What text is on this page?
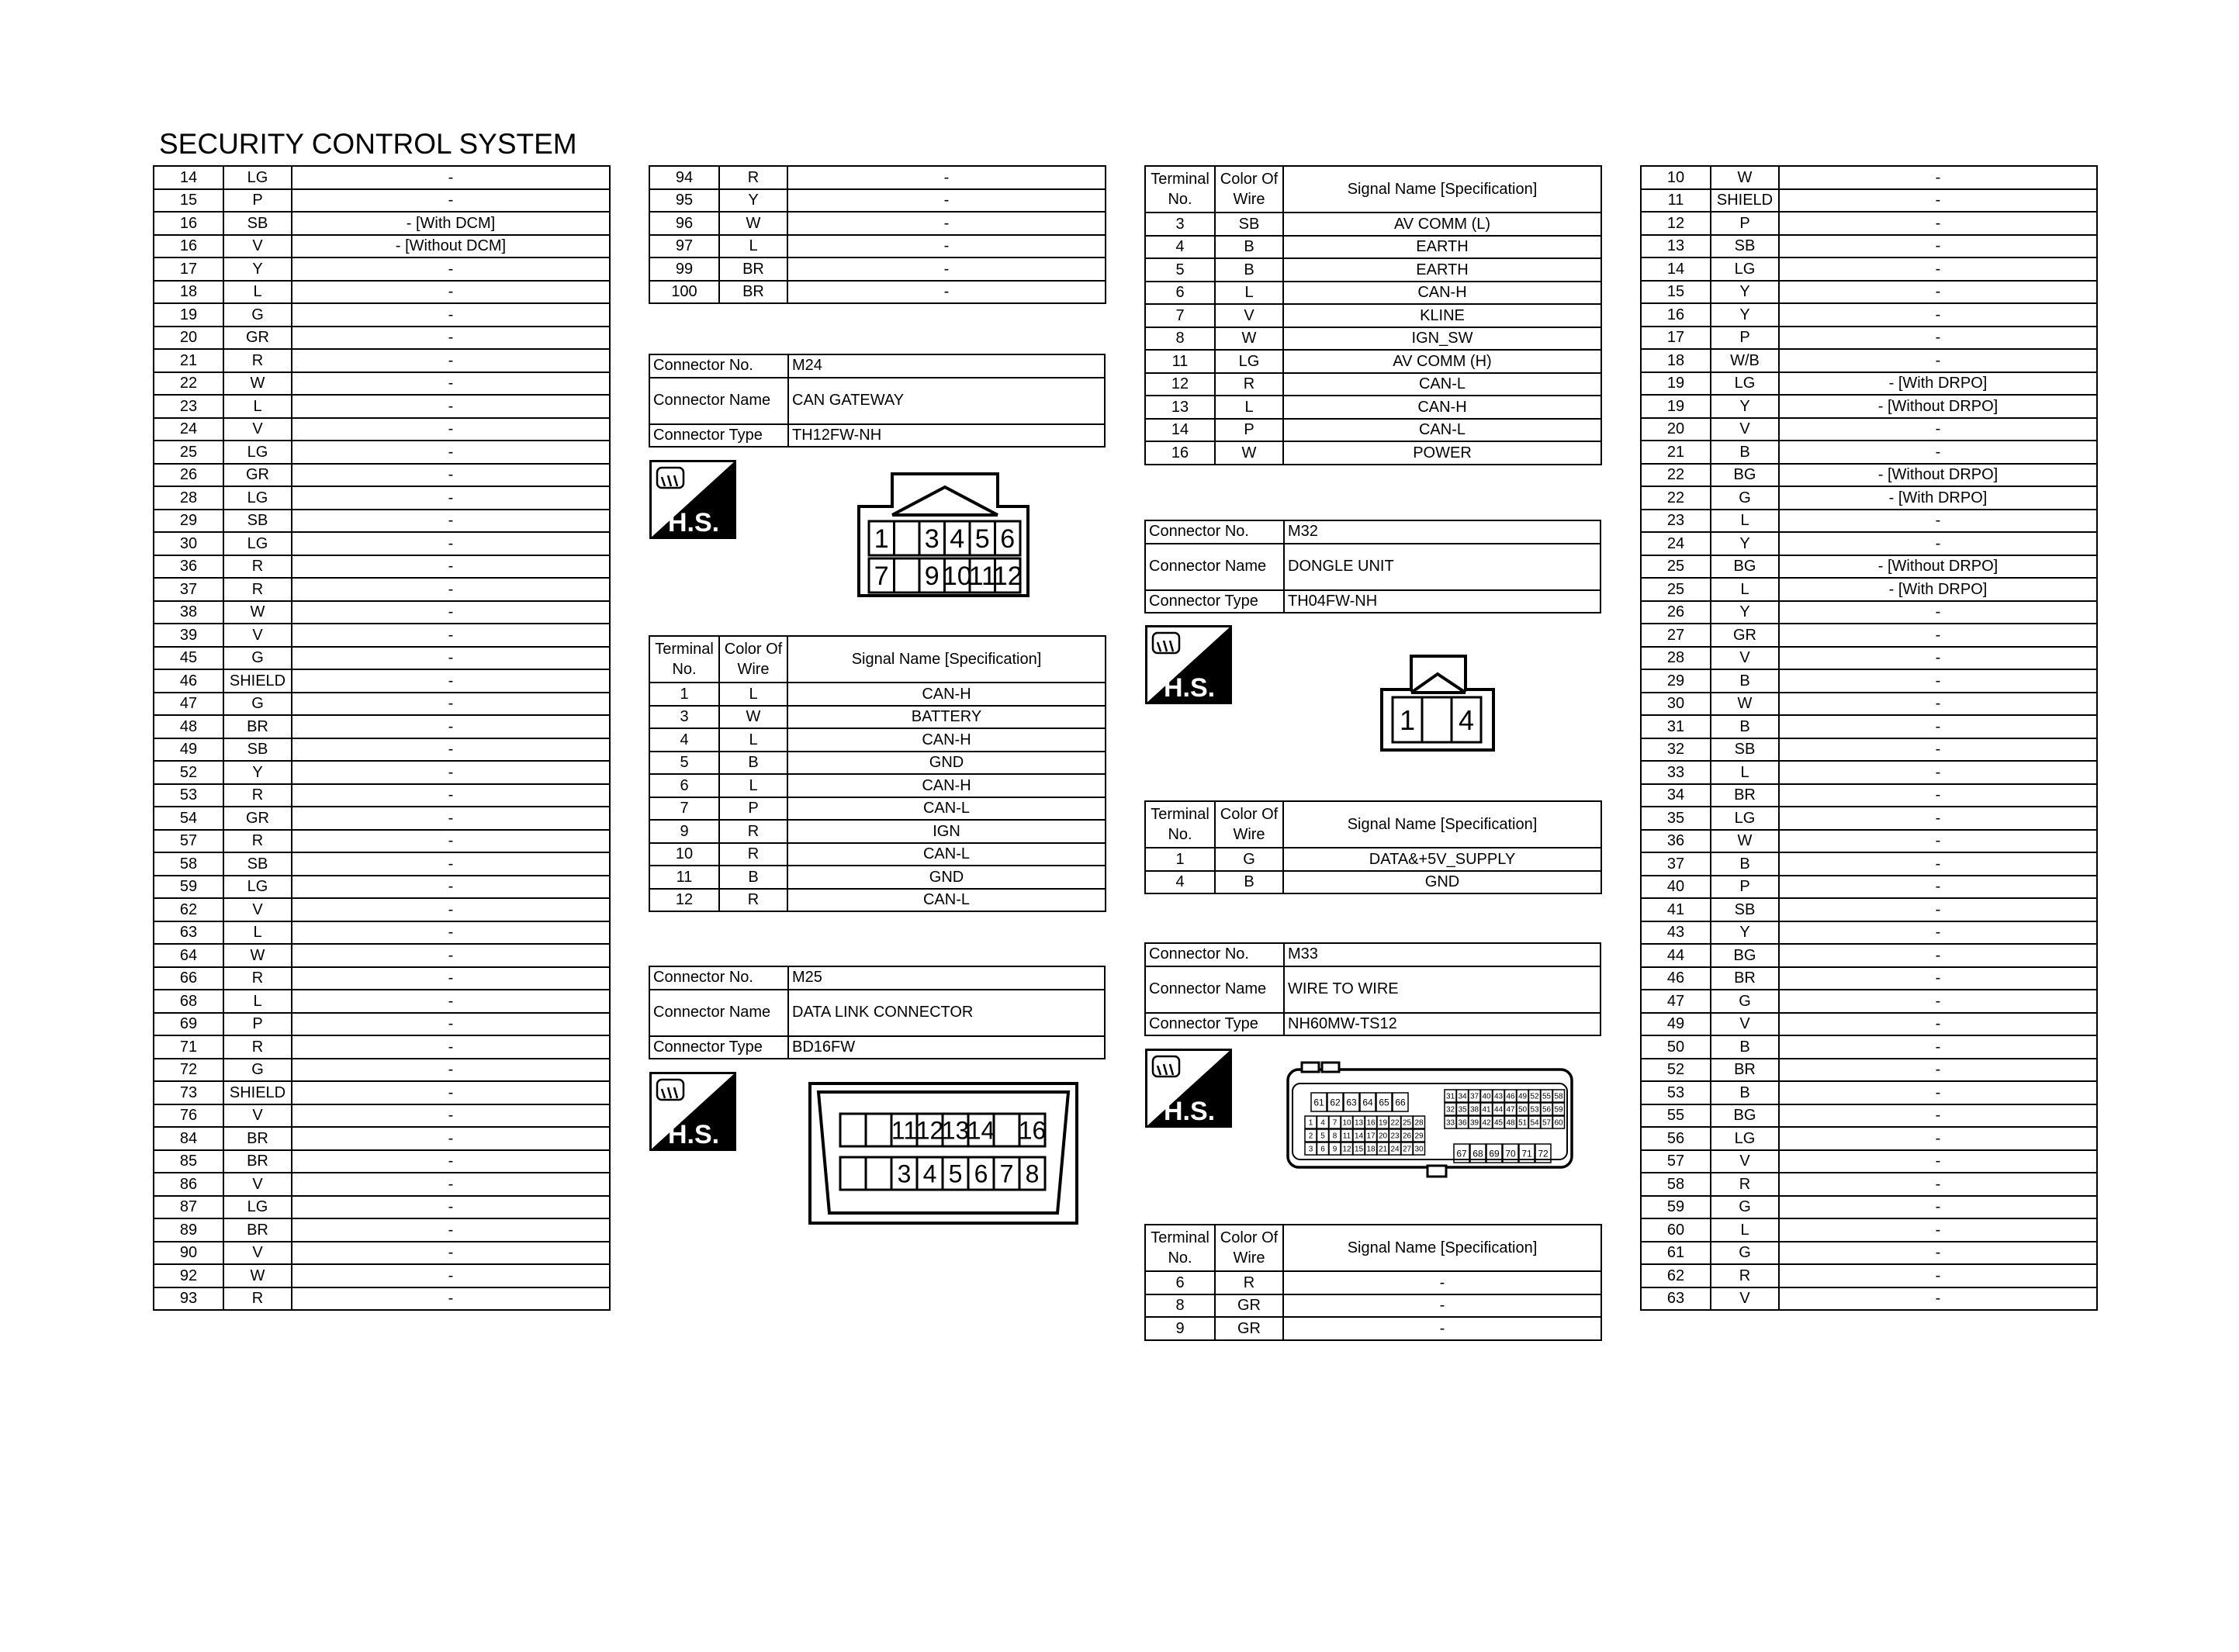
SECURITY CONTROL SYSTEM
14	LG	-
15	P	-
16	SB	- [With DCM]
16	V	- [Without DCM]
17	Y	-
18	L	-
19	G	-
20	GR	-
21	R	-
22	W	-
23	L	-
24	V	-
25	LG	-
26	GR	-
28	LG	-
29	SB	-
30	LG	-
36	R	-
37	R	-
38	W	-
39	V	-
45	G	-
46	SHIELD	-
47	G	-
48	BR	-
49	SB	-
52	Y	-
53	R	-
54	GR	-
57	R	-
58	SB	-
59	LG	-
62	V	-
63	L	-
64	W	-
66	R	-
68	L	-
69	P	-
71	R	-
72	G	-
73	SHIELD	-
76	V	-
84	BR	-
85	BR	-
86	V	-
87	LG	-
89	BR	-
90	V	-
92	W	-
93	R	-
94	R	-
95	Y	-
96	W	-
97	L	-
99	BR	-
100	BR	-
Connector No.	M24
Connector Name	CAN GATEWAY
Connector Type	TH12FW-NH
H.S.
1 3 4 5 6
7 9 10
11
12
Terminal No.	Color Of Wire	Signal Name [Specification]
1	L	CAN-H
3	W	BATTERY
4	L	CAN-H
5	B	GND
6	L	CAN-H
7	P	CAN-L
9	R	IGN
10	R	CAN-L
11	B	GND
12	R	CAN-L
Connector No.	M25
Connector Name	DATA LINK CONNECTOR
Connector Type	BD16FW
H.S.	11
12
13
14 16
3 4 5 6 7 8
Terminal No.	Color Of Wire	Signal Name [Specification]
3	SB	AV COMM (L)
4	B	EARTH
5	B	EARTH
6	L	CAN-H
7	V	KLINE
8	W	IGN_SW
11	LG	AV COMM (H)
12	R	CAN-L
13	L	CAN-H
14	P	CAN-L
16	W	POWER
Connector No.	M32
Connector Name	DONGLE UNIT
Connector Type	TH04FW-NH
H.S.
1 4
Terminal No.	Color Of Wire	Signal Name [Specification]
1	G	DATA&+5V_SUPPLY
4	B	GND
Connector No.	M33
Connector Name	WIRE TO WIRE
Connector Type	NH60MW-TS12
H.S.	61 62 63 64 65 66
67 68 69 70 71 72
31 34 37 40 43 46 49 52 55 58
32 35 38 41 44 47 50 53 56 59
33 36 39 42 45 48 51 54 57 60
1 4 7 10 13 16 19 22 25 28
2 5 8 11 14 17 20 23 26 29
3 6 9 12 15 18 21 24 27 30
Terminal No.	Color Of Wire	Signal Name [Specification]
6	R	-
8	GR	-
9	GR	-
10	W	-
11	SHIELD	-
12	P	-
13	SB	-
14	LG	-
15	Y	-
16	Y	-
17	P	-
18	W/B	-
19	LG	- [With DRPO]
19	Y	- [Without DRPO]
20	V	-
21	B	-
22	BG	- [Without DRPO]
22	G	- [With DRPO]
23	L	-
24	Y	-
25	BG	- [Without DRPO]
25	L	- [With DRPO]
26	Y	-
27	GR	-
28	V	-
29	B	-
30	W	-
31	B	-
32	SB	-
33	L	-
34	BR	-
35	LG	-
36	W	-
37	B	-
40	P	-
41	SB	-
43	Y	-
44	BG	-
46	BR	-
47	G	-
49	V	-
50	B	-
52	BR	-
53	B	-
55	BG	-
56	LG	-
57	V	-
58	R	-
59	G	-
60	L	-
61	G	-
62	R	-
63	V	-
